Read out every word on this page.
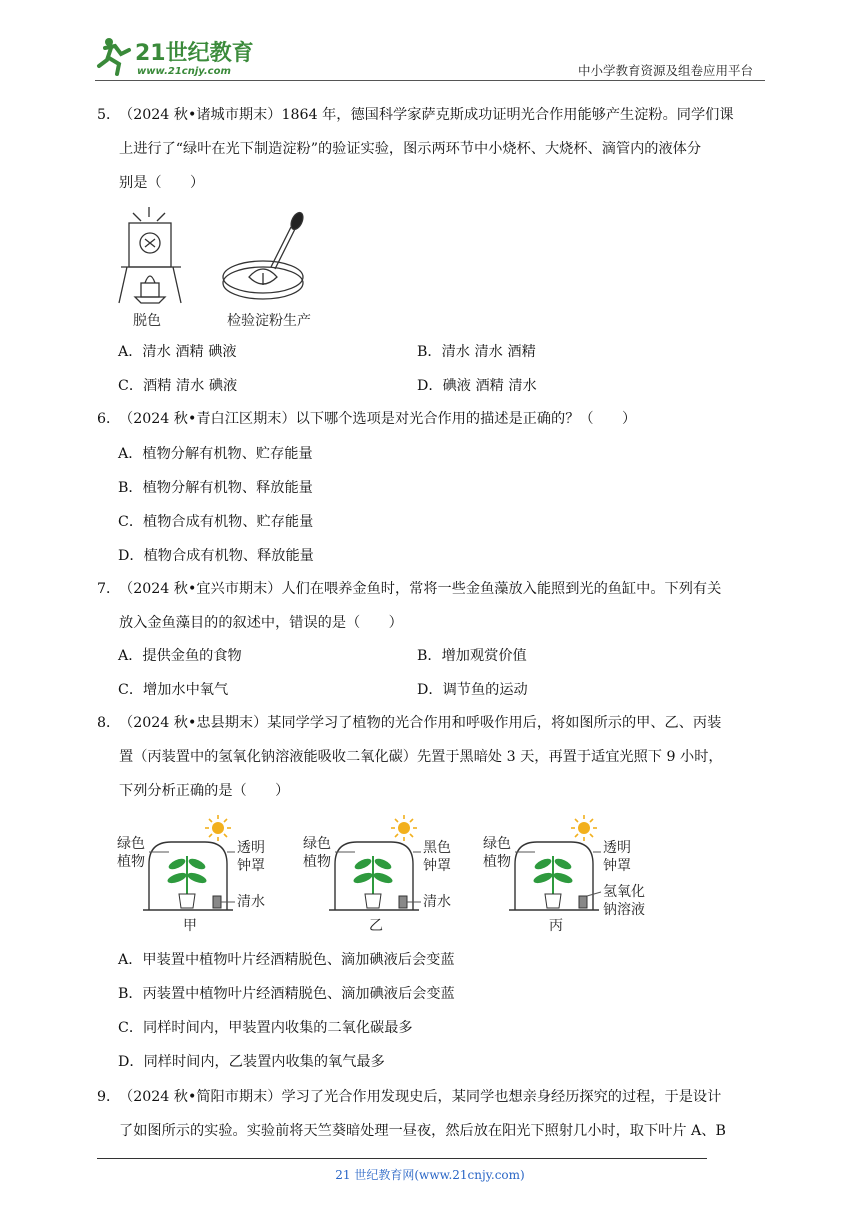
21世纪教育
www.21cnjy.com	中小学教育资源及组卷应用平台
5．（2024 秋•诸城市期末）1864 年，德国科学家萨克斯成功证明光合作用能够产生淀粉。同学们课
上进行了“绿叶在光下制造淀粉”的验证实验，图示两环节中小烧杯、大烧杯、滴管内的液体分
别是（　　）
脱色	检验淀粉生产
A．清水 酒精 碘液	B．清水 清水 酒精
C．酒精 清水 碘液	D．碘液 酒精 清水
6．（2024 秋•青白江区期末）以下哪个选项是对光合作用的描述是正确的？（　　）
A．植物分解有机物、贮存能量
B．植物分解有机物、释放能量
C．植物合成有机物、贮存能量
D．植物合成有机物、释放能量
7．（2024 秋•宜兴市期末）人们在喂养金鱼时，常将一些金鱼藻放入能照到光的鱼缸中。下列有关
放入金鱼藻目的的叙述中，错误的是（　　）
A．提供金鱼的食物	B．增加观赏价值
C．增加水中氧气	D．调节鱼的运动
8．（2024 秋•忠县期末）某同学学习了植物的光合作用和呼吸作用后，将如图所示的甲、乙、丙装
置（丙装置中的氢氧化钠溶液能吸收二氧化碳）先置于黑暗处 3 天，再置于适宜光照下 9 小时，
下列分析正确的是（　　）
绿色
植物
透明
钟罩
清水
甲
绿色
植物
黑色
钟罩
清水
乙
绿色
植物
透明
钟罩
氢氧化
钠溶液
丙
A．甲装置中植物叶片经酒精脱色、滴加碘液后会变蓝
B．丙装置中植物叶片经酒精脱色、滴加碘液后会变蓝
C．同样时间内，甲装置内收集的二氧化碳最多
D．同样时间内，乙装置内收集的氧气最多
9．（2024 秋•简阳市期末）学习了光合作用发现史后，某同学也想亲身经历探究的过程，于是设计
了如图所示的实验。实验前将天竺葵暗处理一昼夜，然后放在阳光下照射几小时，取下叶片 A、B
21 世纪教育网(www.21cnjy.com)
